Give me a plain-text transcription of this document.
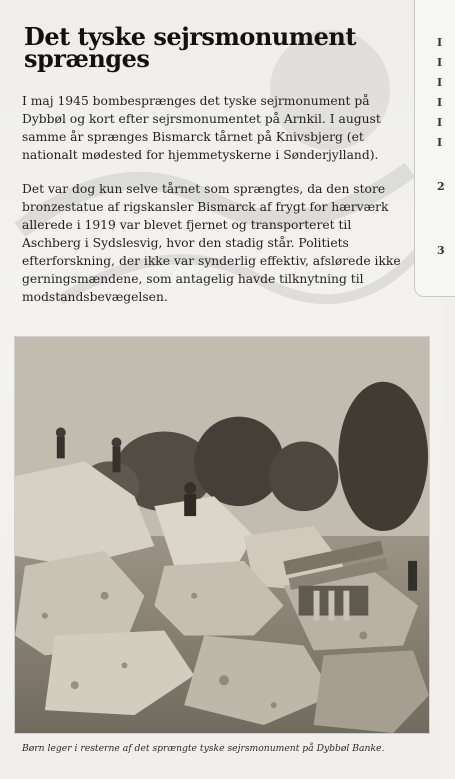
I
I
I
I
I
I
2
3
Det tyske sejrsmonument sprænges

I maj 1945 bombesprænges det tyske sejrmonument på Dybbøl og kort efter sejrsmonumentet på Arnkil. I august samme år sprænges Bismarck tårnet på Knivsbjerg (et nationalt mødested for hjemmetyskerne i Sønderjylland).

Det var dog kun selve tårnet som sprængtes, da den store bronzestatue af rigskansler Bismarck af frygt for hærværk allerede i 1919 var blevet fjernet og transporteret til Aschberg i Sydslesvig, hvor den stadig står. Politiets efterforskning, der ikke var synderlig effektiv, afslørede ikke gerningsmændene, som antagelig havde tilknytning til modstandsbevægelsen.

Børn leger i resterne af det sprængte tyske sejrsmonument på Dybbøl Banke.
